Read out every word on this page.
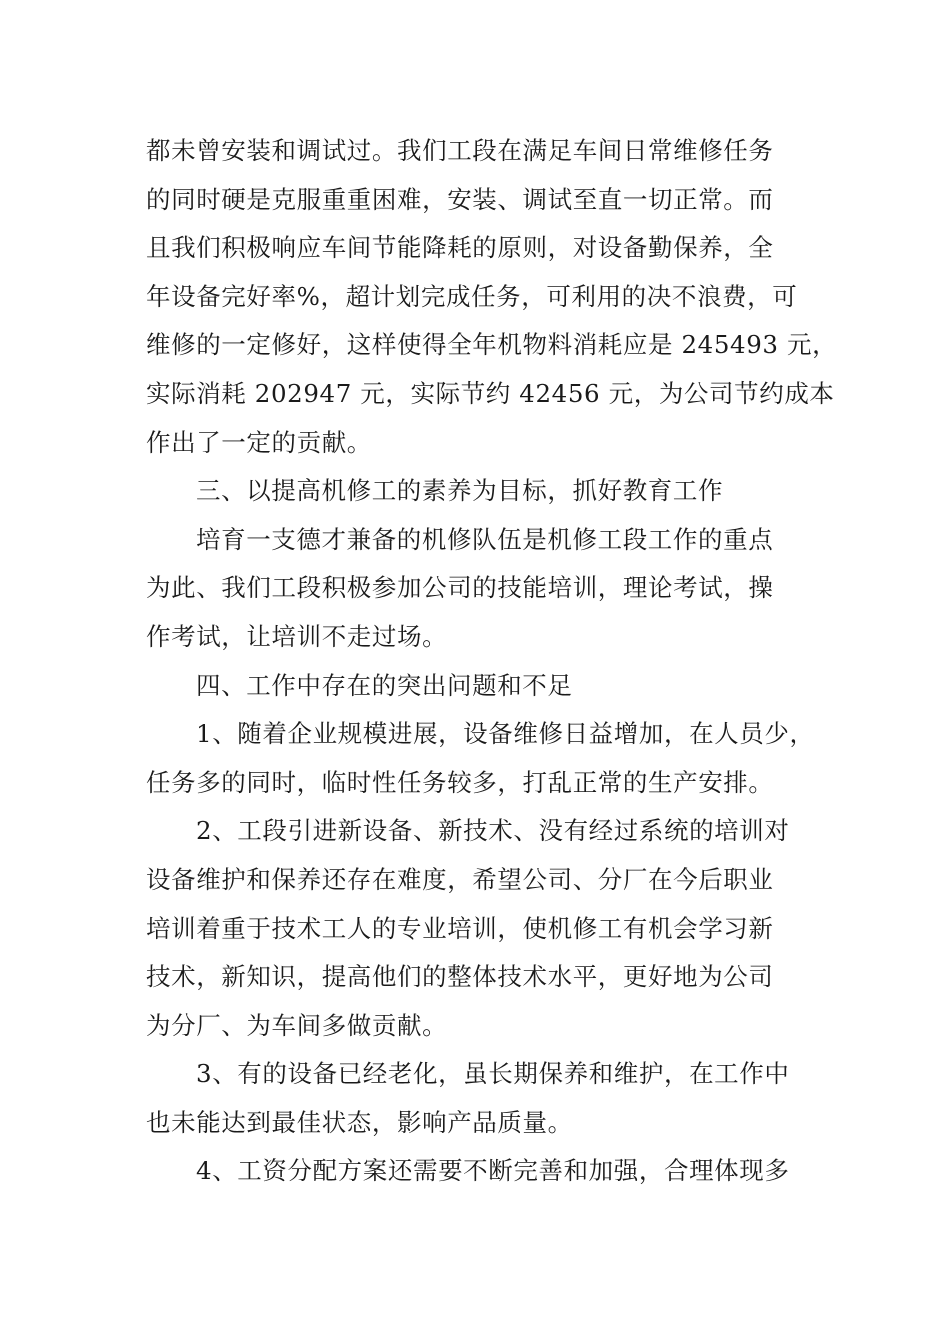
都未曾安装和调试过。我们工段在满足车间日常维修任务
的同时硬是克服重重困难，安装、调试至直一切正常。而
且我们积极响应车间节能降耗的原则，对设备勤保养，全
年设备完好率%，超计划完成任务，可利用的决不浪费，可
维修的一定修好，这样使得全年机物料消耗应是 245493 元，
实际消耗 202947 元，实际节约 42456 元，为公司节约成本
作出了一定的贡献。
三、以提高机修工的素养为目标，抓好教育工作
培育一支德才兼备的机修队伍是机修工段工作的重点
为此、我们工段积极参加公司的技能培训，理论考试，操
作考试，让培训不走过场。
四、工作中存在的突出问题和不足
1、随着企业规模进展，设备维修日益增加，在人员少，
任务多的同时，临时性任务较多，打乱正常的生产安排。
2、工段引进新设备、新技术、没有经过系统的培训对
设备维护和保养还存在难度，希望公司、分厂在今后职业
培训着重于技术工人的专业培训，使机修工有机会学习新
技术，新知识，提高他们的整体技术水平，更好地为公司
为分厂、为车间多做贡献。
3、有的设备已经老化，虽长期保养和维护，在工作中
也未能达到最佳状态，影响产品质量。
4、工资分配方案还需要不断完善和加强，合理体现多
